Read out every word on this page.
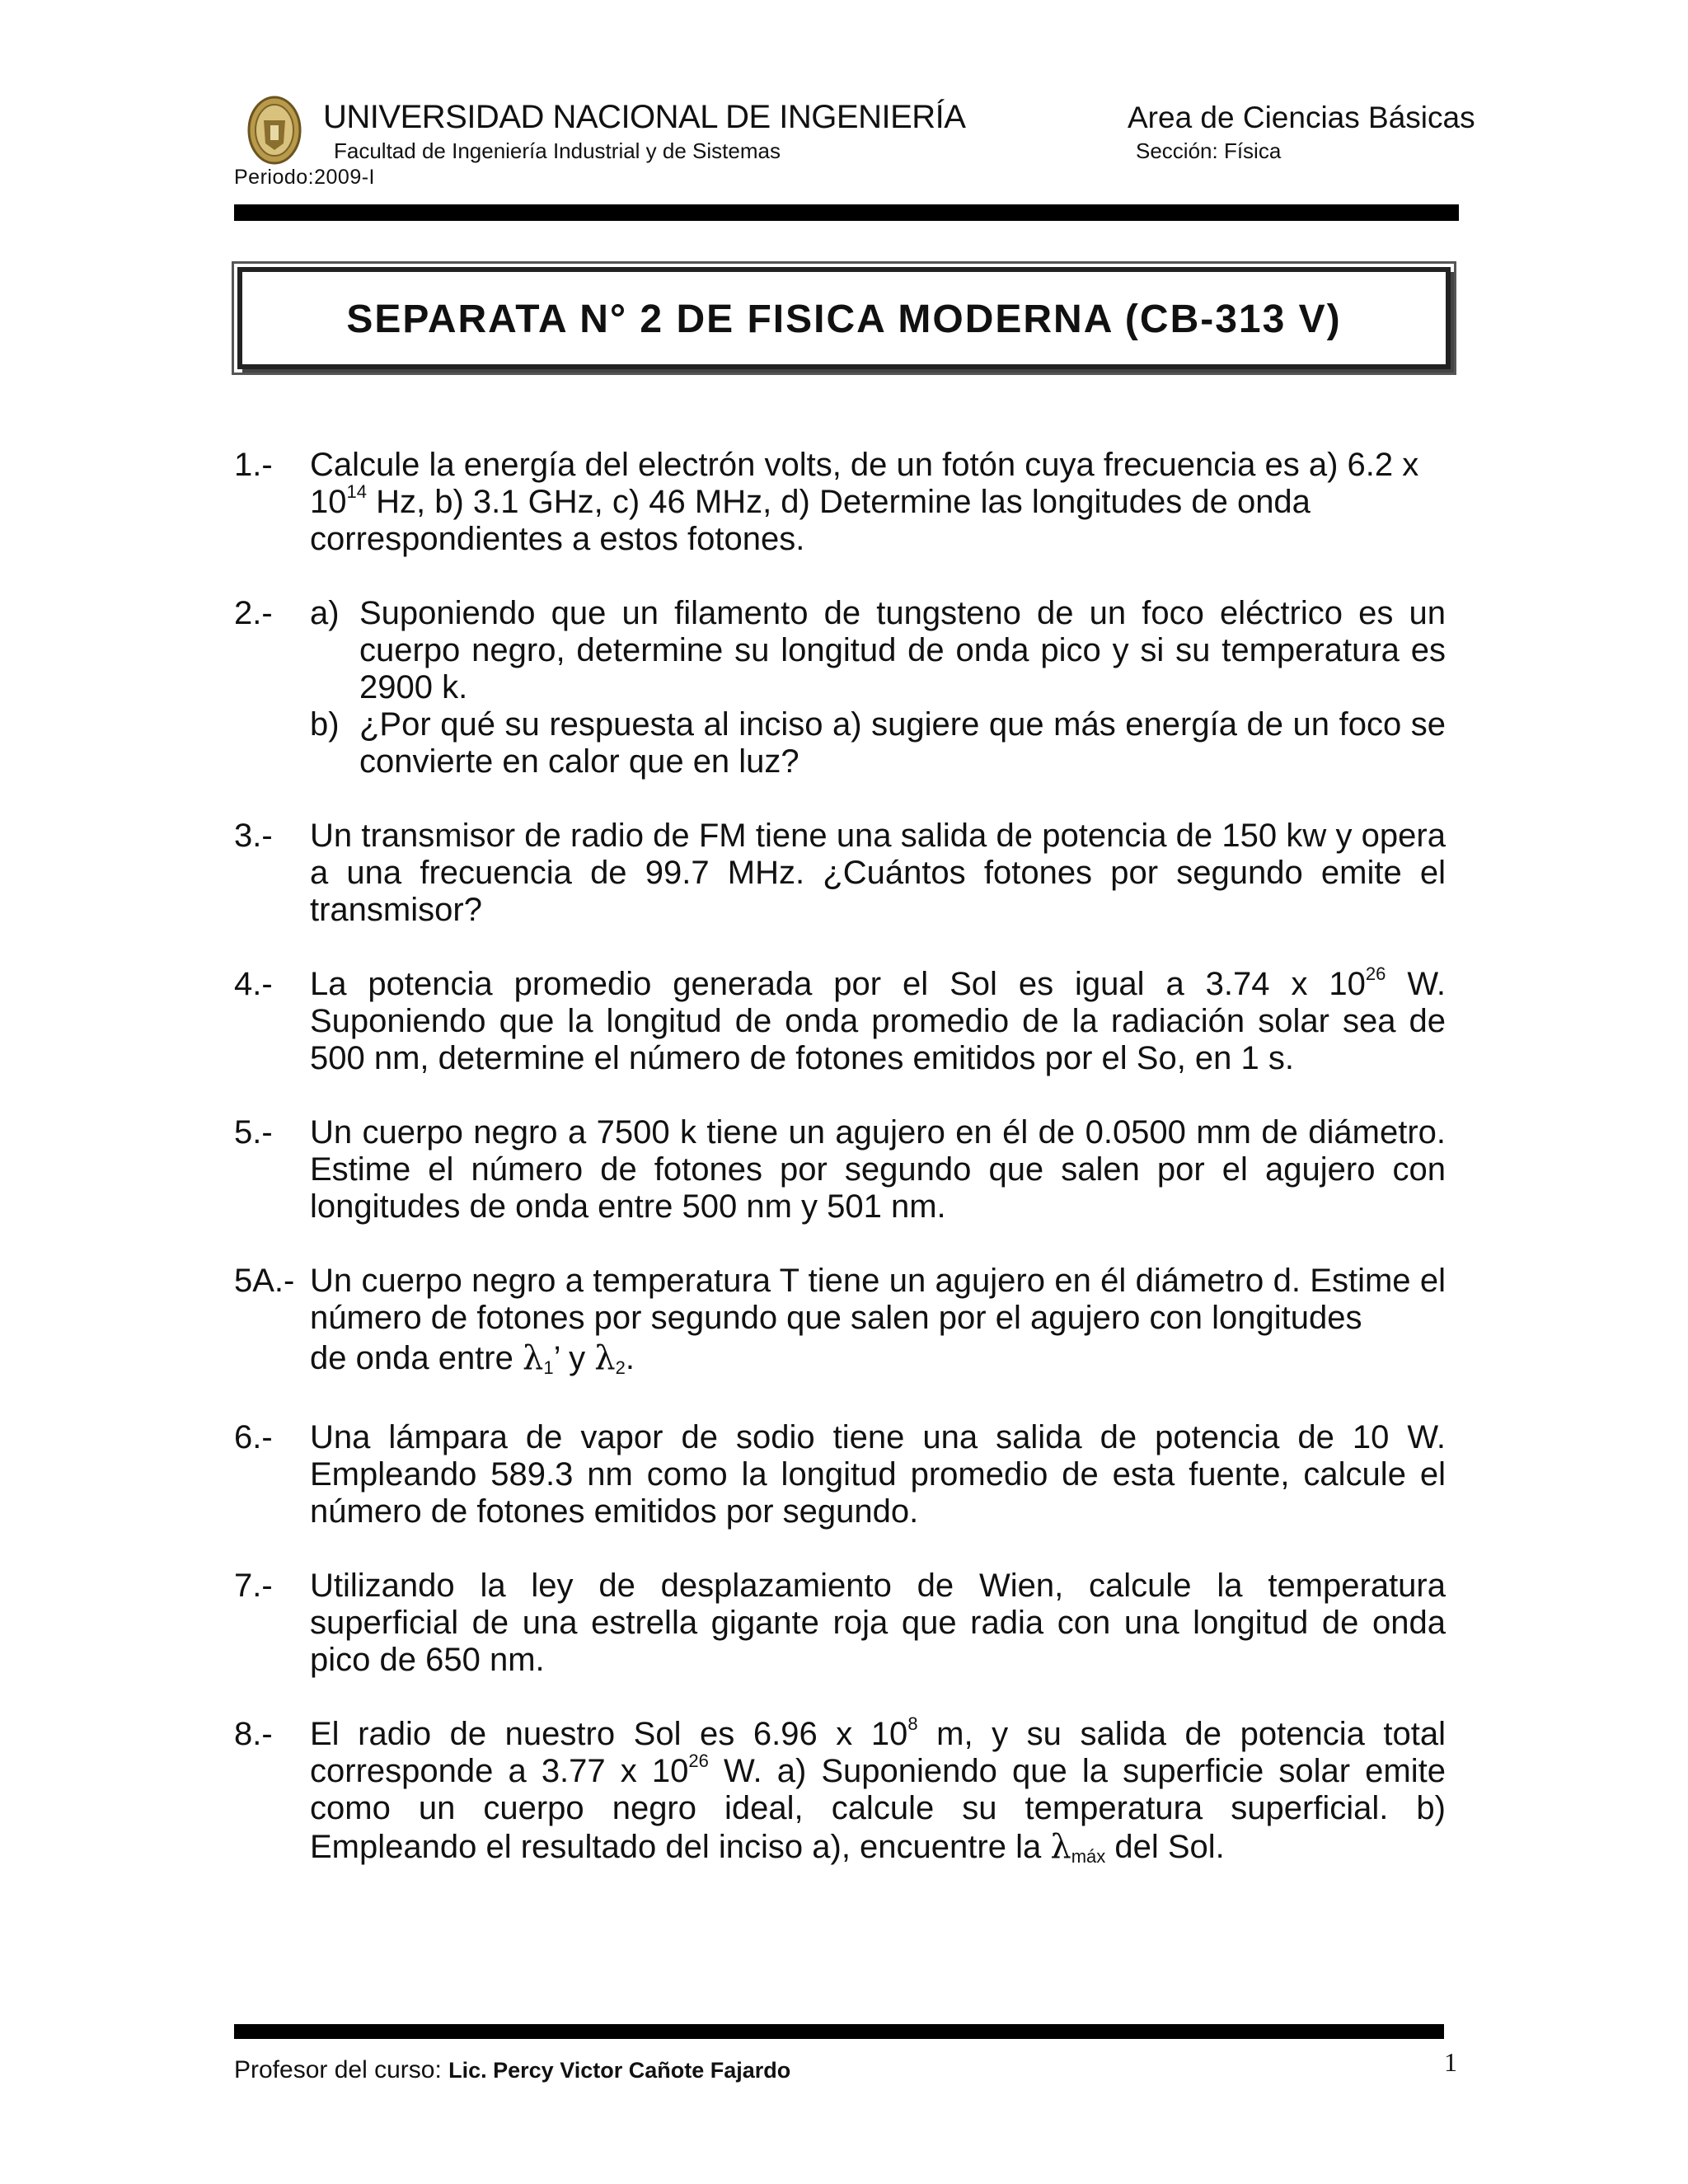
UNIVERSIDAD NACIONAL DE INGENIERÍA
Facultad de Ingeniería Industrial y de Sistemas
Periodo:2009-I
Area de Ciencias Básicas
Sección: Física
SEPARATA N° 2 DE FISICA MODERNA (CB-313 V)
1.- Calcule la energía del electrón volts, de un fotón cuya frecuencia es a) 6.2 x
$10^{14}$ Hz, b) 3.1 GHz, c) 46 MHz, d) Determine las longitudes de onda
correspondientes a estos fotones.
2.- a) Suponiendo que un filamento de tungsteno de un foco eléctrico es un cuerpo negro, determine su longitud de onda pico y si su temperatura es 2900 k.
b) ¿Por qué su respuesta al inciso a) sugiere que más energía de un foco se convierte en calor que en luz?
3.- Un transmisor de radio de FM tiene una salida de potencia de 150 kw y opera a una frecuencia de 99.7 MHz. ¿Cuántos fotones por segundo emite el transmisor?
4.- La potencia promedio generada por el Sol es igual a 3.74 x $10^{26}$ W.
Suponiendo que la longitud de onda promedio de la radiación solar sea de 500 nm, determine el número de fotones emitidos por el So, en 1 s.
5.- Un cuerpo negro a 7500 k tiene un agujero en él de 0.0500 mm de diámetro. Estime el número de fotones por segundo que salen por el agujero con longitudes de onda entre 500 nm y 501 nm.
5A.- Un cuerpo negro a temperatura T tiene un agujero en él diámetro d. Estime el número de fotones por segundo que salen por el agujero con longitudes
de onda entre $\lambda_1$’ y $\lambda_2$.
6.- Una lámpara de vapor de sodio tiene una salida de potencia de 10 W. Empleando 589.3 nm como la longitud promedio de esta fuente, calcule el número de fotones emitidos por segundo.
7.- Utilizando la ley de desplazamiento de Wien, calcule la temperatura superficial de una estrella gigante roja que radia con una longitud de onda pico de 650 nm.
8.- El radio de nuestro Sol es 6.96 x $10^8$ m, y su salida de potencia total
corresponde a 3.77 x $10^{26}$ W. a) Suponiendo que la superficie solar emite
como un cuerpo negro ideal, calcule su temperatura superficial. b)
Empleando el resultado del inciso a), encuentre la $\lambda_{máx}$ del Sol.
Profesor del curso: Lic. Percy Victor Cañote Fajardo	1
